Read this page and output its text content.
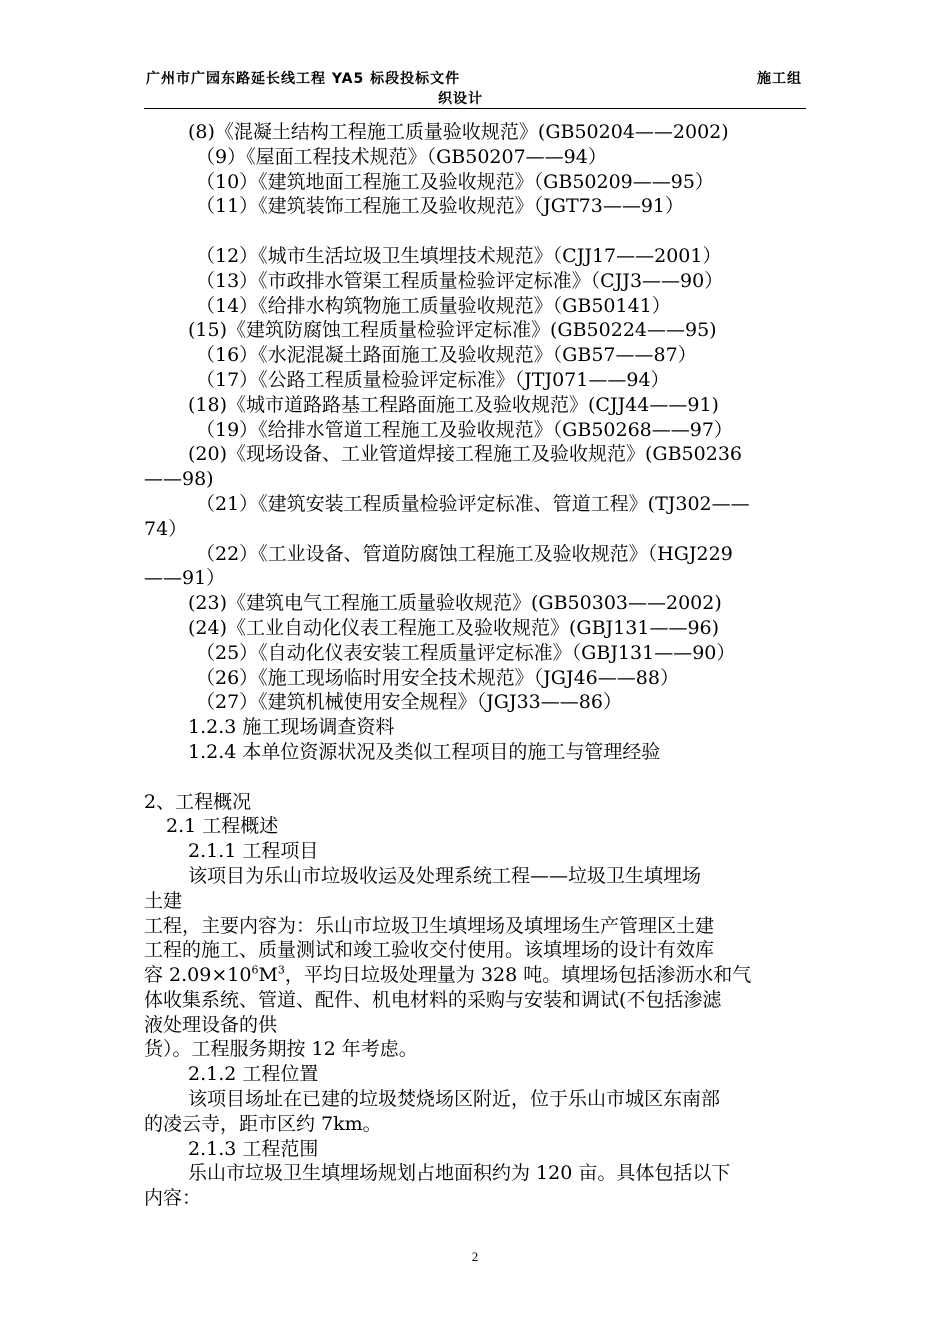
广州市广园东路延长线工程 YA5 标段投标文件	施工组
织设计
(8)《混凝土结构工程施工质量验收规范》(GB50204——2002)
（9）《屋面工程技术规范》（GB50207——94）
（10）《建筑地面工程施工及验收规范》（GB50209——95）
（11）《建筑装饰工程施工及验收规范》（JGT73——91）
（12）《城市生活垃圾卫生填埋技术规范》（CJJ17——2001）
（13）《市政排水管渠工程质量检验评定标准》（CJJ3——90）
（14）《给排水构筑物施工质量验收规范》（GB50141）
(15)《建筑防腐蚀工程质量检验评定标准》(GB50224——95)
（16）《水泥混凝土路面施工及验收规范》（GB57——87）
（17）《公路工程质量检验评定标准》（JTJ071——94）
(18)《城市道路路基工程路面施工及验收规范》(CJJ44——91)
（19）《给排水管道工程施工及验收规范》（GB50268——97）
(20)《现场设备、工业管道焊接工程施工及验收规范》(GB50236
——98)
（21）《建筑安装工程质量检验评定标准、管道工程》(TJ302——
74）
（22）《工业设备、管道防腐蚀工程施工及验收规范》（HGJ229
——91）
(23)《建筑电气工程施工质量验收规范》(GB50303——2002)
(24)《工业自动化仪表工程施工及验收规范》(GBJ131——96)
（25）《自动化仪表安装工程质量评定标准》（GBJ131——90）
（26）《施工现场临时用安全技术规范》（JGJ46——88）
（27）《建筑机械使用安全规程》（JGJ33——86）
1.2.3 施工现场调查资料
1.2.4 本单位资源状况及类似工程项目的施工与管理经验
2、工程概况
2.1 工程概述
2.1.1 工程项目
该项目为乐山市垃圾收运及处理系统工程——垃圾卫生填埋场
土建
工程，主要内容为：乐山市垃圾卫生填埋场及填埋场生产管理区土建
工程的施工、质量测试和竣工验收交付使用。该填埋场的设计有效库
容 $2.09\times 10^6M^3$，平均日垃圾处理量为 328 吨。填埋场包括渗沥水和气
体收集系统、管道、配件、机电材料的采购与安装和调试(不包括渗滤
液处理设备的供
货）。工程服务期按 12 年考虑。
2.1.2 工程位置
该项目场址在已建的垃圾焚烧场区附近，位于乐山市城区东南部
的凌云寺，距市区约 7km。
2.1.3 工程范围
乐山市垃圾卫生填埋场规划占地面积约为 120 亩。具体包括以下
内容：
2
